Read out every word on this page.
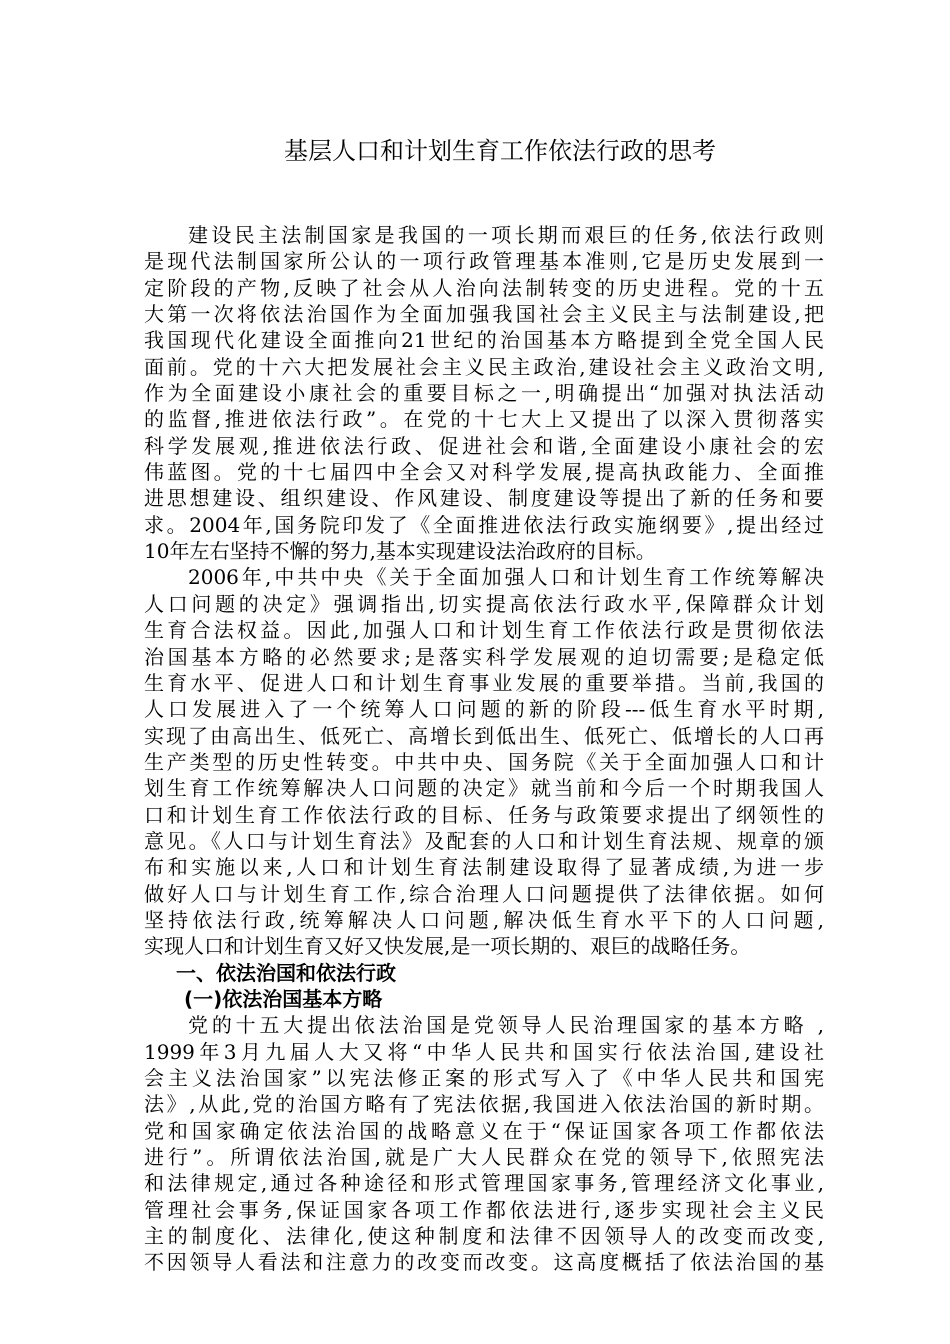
基层人口和计划生育工作依法行政的思考
建设民主法制国家是我国的一项长期而艰巨的任务,依法行政则
是现代法制国家所公认的一项行政管理基本准则,它是历史发展到一
定阶段的产物,反映了社会从人治向法制转变的历史进程。党的十五
大第一次将依法治国作为全面加强我国社会主义民主与法制建设,把
我国现代化建设全面推向21世纪的治国基本方略提到全党全国人民
面前。党的十六大把发展社会主义民主政治,建设社会主义政治文明,
作为全面建设小康社会的重要目标之一,明确提出“加强对执法活动
的监督,推进依法行政”。在党的十七大上又提出了以深入贯彻落实
科学发展观,推进依法行政、促进社会和谐,全面建设小康社会的宏
伟蓝图。党的十七届四中全会又对科学发展,提高执政能力、全面推
进思想建设、组织建设、作风建设、制度建设等提出了新的任务和要
求。2004年,国务院印发了《全面推进依法行政实施纲要》,提出经过
10年左右坚持不懈的努力,基本实现建设法治政府的目标。
2006年,中共中央《关于全面加强人口和计划生育工作统筹解决
人口问题的决定》强调指出,切实提高依法行政水平,保障群众计划
生育合法权益。因此,加强人口和计划生育工作依法行政是贯彻依法
治国基本方略的必然要求;是落实科学发展观的迫切需要;是稳定低
生育水平、促进人口和计划生育事业发展的重要举措。当前,我国的
人口发展进入了一个统筹人口问题的新的阶段---低生育水平时期,
实现了由高出生、低死亡、高增长到低出生、低死亡、低增长的人口再
生产类型的历史性转变。中共中央、国务院《关于全面加强人口和计
划生育工作统筹解决人口问题的决定》就当前和今后一个时期我国人
口和计划生育工作依法行政的目标、任务与政策要求提出了纲领性的
意见。《人口与计划生育法》及配套的人口和计划生育法规、规章的颁
布和实施以来,人口和计划生育法制建设取得了显著成绩,为进一步
做好人口与计划生育工作,综合治理人口问题提供了法律依据。如何
坚持依法行政,统筹解决人口问题,解决低生育水平下的人口问题,
实现人口和计划生育又好又快发展,是一项长期的、艰巨的战略任务。
一、依法治国和依法行政
(一)依法治国基本方略
党的十五大提出依法治国是党领导人民治理国家的基本方略 ,
1999年3月九届人大又将“中华人民共和国实行依法治国,建设社
会主义法治国家”以宪法修正案的形式写入了《中华人民共和国宪
法》,从此,党的治国方略有了宪法依据,我国进入依法治国的新时期。
党和国家确定依法治国的战略意义在于“保证国家各项工作都依法
进行”。所谓依法治国,就是广大人民群众在党的领导下,依照宪法
和法律规定,通过各种途径和形式管理国家事务,管理经济文化事业,
管理社会事务,保证国家各项工作都依法进行,逐步实现社会主义民
主的制度化、法律化,使这种制度和法律不因领导人的改变而改变,
不因领导人看法和注意力的改变而改变。这高度概括了依法治国的基
